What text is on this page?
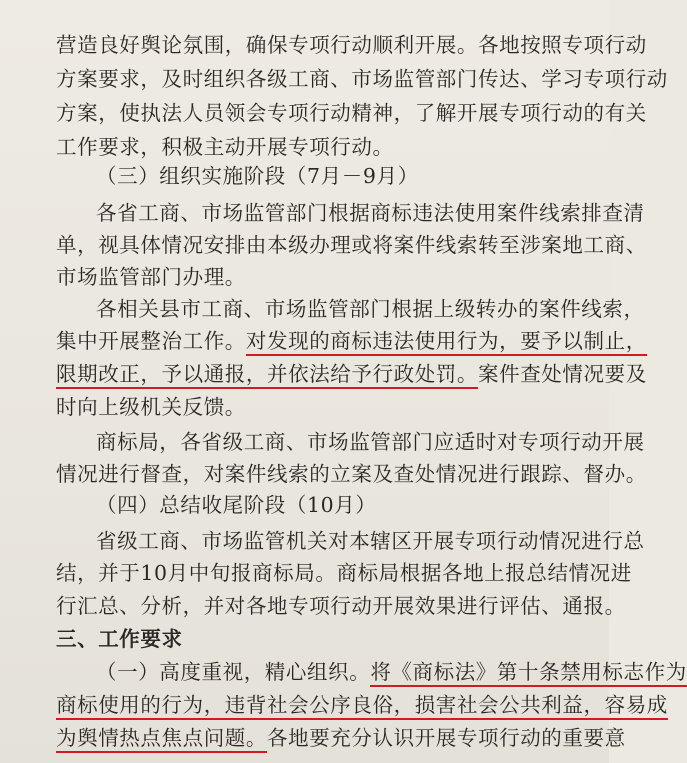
营造良好舆论氛围，确保专项行动顺利开展。各地按照专项行动
方案要求，及时组织各级工商、市场监管部门传达、学习专项行动
方案，使执法人员领会专项行动精神，了解开展专项行动的有关
工作要求，积极主动开展专项行动。
（三）组织实施阶段（7月－9月）
各省工商、市场监管部门根据商标违法使用案件线索排查清
单，视具体情况安排由本级办理或将案件线索转至涉案地工商、
市场监管部门办理。
各相关县市工商、市场监管部门根据上级转办的案件线索，
集中开展整治工作。对发现的商标违法使用行为，要予以制止，
限期改正，予以通报，并依法给予行政处罚。案件查处情况要及
时向上级机关反馈。
商标局，各省级工商、市场监管部门应适时对专项行动开展
情况进行督查，对案件线索的立案及查处情况进行跟踪、督办。
（四）总结收尾阶段（10月）
省级工商、市场监管机关对本辖区开展专项行动情况进行总
结，并于10月中旬报商标局。商标局根据各地上报总结情况进
行汇总、分析，并对各地专项行动开展效果进行评估、通报。
三、工作要求
（一）高度重视，精心组织。将《商标法》第十条禁用标志作为
商标使用的行为，违背社会公序良俗，损害社会公共利益，容易成
为舆情热点焦点问题。各地要充分认识开展专项行动的重要意
